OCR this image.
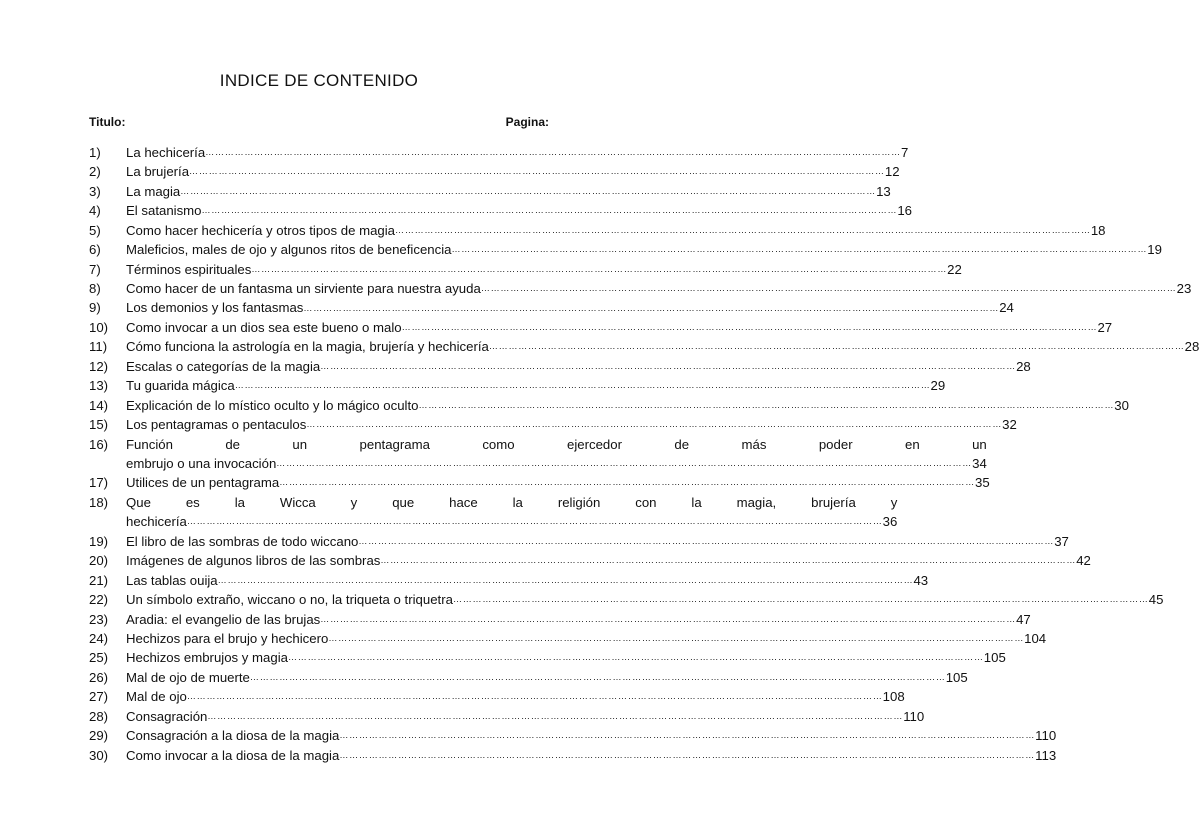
INDICE DE CONTENIDO
Titulo:	Pagina:
1)	La hechicería ……………………………………………………………………………………………………………………………………………………………………………………………	7
2)	La brujería ……………………………………………………………………………………………………………………………………………………………………………………………	12
3)	La magia ……………………………………………………………………………………………………………………………………………………………………………………………	13
4)	El satanismo ……………………………………………………………………………………………………………………………………………………………………………………………	16
5)	Como hacer hechicería y otros tipos de magia ……………………………………………………………………………………………………………………………………………………………………………………………	18
6)	Maleficios, males de ojo y algunos ritos de beneficencia ……………………………………………………………………………………………………………………………………………………………………………………………	19
7)	Términos espirituales ……………………………………………………………………………………………………………………………………………………………………………………………	22
8)	Como hacer de un fantasma un sirviente para nuestra ayuda ……………………………………………………………………………………………………………………………………………………………………………………………	23
9)	Los demonios y los fantasmas ……………………………………………………………………………………………………………………………………………………………………………………………	24
10)	Como invocar a un dios sea este bueno o malo ……………………………………………………………………………………………………………………………………………………………………………………………	27
11)	Cómo funciona la astrología en la magia, brujería y hechicería ……………………………………………………………………………………………………………………………………………………………………………………………	28
12)	Escalas o categorías de la magia ……………………………………………………………………………………………………………………………………………………………………………………………	28
13)	Tu guarida mágica ……………………………………………………………………………………………………………………………………………………………………………………………	29
14)	Explicación de lo místico oculto y lo mágico oculto ……………………………………………………………………………………………………………………………………………………………………………………………	30
15)	Los pentagramas o pentaculos ……………………………………………………………………………………………………………………………………………………………………………………………	32
16)	Función de un pentagrama como ejercedor de más poder en un
embrujo o una invocación ……………………………………………………………………………………………………………………………………………………………………………………………	34
17)	Utilices de un pentagrama ……………………………………………………………………………………………………………………………………………………………………………………………	35
18)	Que es la Wicca y que hace la religión con la magia, brujería y
hechicería ……………………………………………………………………………………………………………………………………………………………………………………………	36
19)	El libro de las sombras de todo wiccano ……………………………………………………………………………………………………………………………………………………………………………………………	37
20)	Imágenes de algunos libros de las sombras ……………………………………………………………………………………………………………………………………………………………………………………………	42
21)	Las tablas ouija ……………………………………………………………………………………………………………………………………………………………………………………………	43
22)	Un símbolo extraño, wiccano o no, la triqueta o triquetra ……………………………………………………………………………………………………………………………………………………………………………………………	45
23)	Aradia: el evangelio de las brujas ……………………………………………………………………………………………………………………………………………………………………………………………	47
24)	Hechizos para el brujo y hechicero ……………………………………………………………………………………………………………………………………………………………………………………………	104
25)	Hechizos embrujos y magia ……………………………………………………………………………………………………………………………………………………………………………………………	105
26)	Mal de ojo de muerte ……………………………………………………………………………………………………………………………………………………………………………………………	105
27)	Mal de ojo ……………………………………………………………………………………………………………………………………………………………………………………………	108
28)	Consagración ……………………………………………………………………………………………………………………………………………………………………………………………	110
29)	Consagración a la diosa de la magia ……………………………………………………………………………………………………………………………………………………………………………………………	110
30)	Como invocar a la diosa de la magia ……………………………………………………………………………………………………………………………………………………………………………………………	113
